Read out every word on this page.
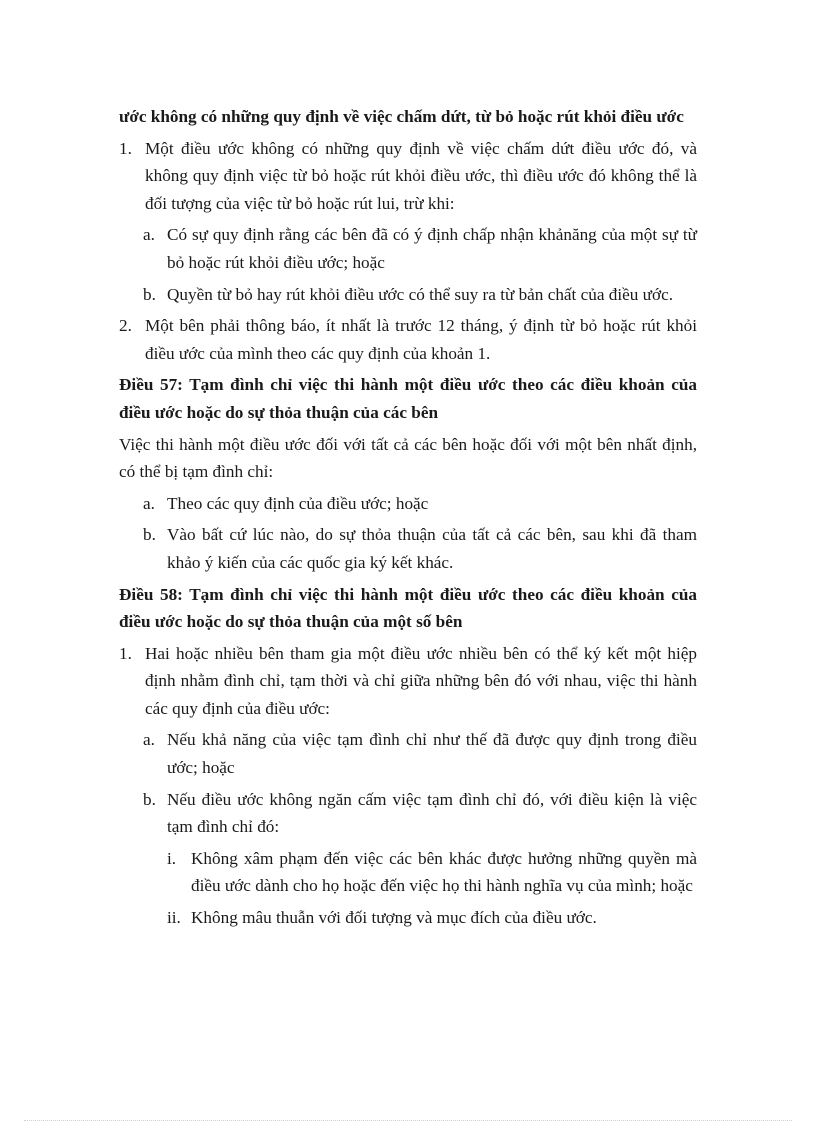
ước không có những quy định về việc chấm dứt, từ bỏ hoặc rút khỏi điều ước
1. Một điều ước không có những quy định về việc chấm dứt điều ước đó, và không quy định việc từ bỏ hoặc rút khỏi điều ước, thì điều ước đó không thể là đối tượng của việc từ bỏ hoặc rút lui, trừ khi:
a. Có sự quy định rằng các bên đã có ý định chấp nhận khảnăng của một sự từ bỏ hoặc rút khỏi điều ước; hoặc
b. Quyền từ bỏ hay rút khỏi điều ước có thể suy ra từ bản chất của điều ước.
2. Một bên phải thông báo, ít nhất là trước 12 tháng, ý định từ bỏ hoặc rút khỏi điều ước của mình theo các quy định của khoản 1.
Điều 57: Tạm đình chỉ việc thi hành một điều ước theo các điều khoản của điều ước hoặc do sự thỏa thuận của các bên
Việc thi hành một điều ước đối với tất cả các bên hoặc đối với một bên nhất định, có thể bị tạm đình chỉ:
a. Theo các quy định của điều ước; hoặc
b. Vào bất cứ lúc nào, do sự thỏa thuận của tất cả các bên, sau khi đã tham khảo ý kiến của các quốc gia ký kết khác.
Điều 58: Tạm đình chỉ việc thi hành một điều ước theo các điều khoản của điều ước hoặc do sự thỏa thuận của một số bên
1. Hai hoặc nhiều bên tham gia một điều ước nhiều bên có thể ký kết một hiệp định nhằm đình chỉ, tạm thời và chỉ giữa những bên đó với nhau, việc thi hành các quy định của điều ước:
a. Nếu khả năng của việc tạm đình chỉ như thế đã được quy định trong điều ước; hoặc
b. Nếu điều ước không ngăn cấm việc tạm đình chỉ đó, với điều kiện là việc tạm đình chỉ đó:
i. Không xâm phạm đến việc các bên khác được hưởng những quyền mà điều ước dành cho họ hoặc đến việc họ thi hành nghĩa vụ của mình; hoặc
ii. Không mâu thuẫn với đối tượng và mục đích của điều ước.
